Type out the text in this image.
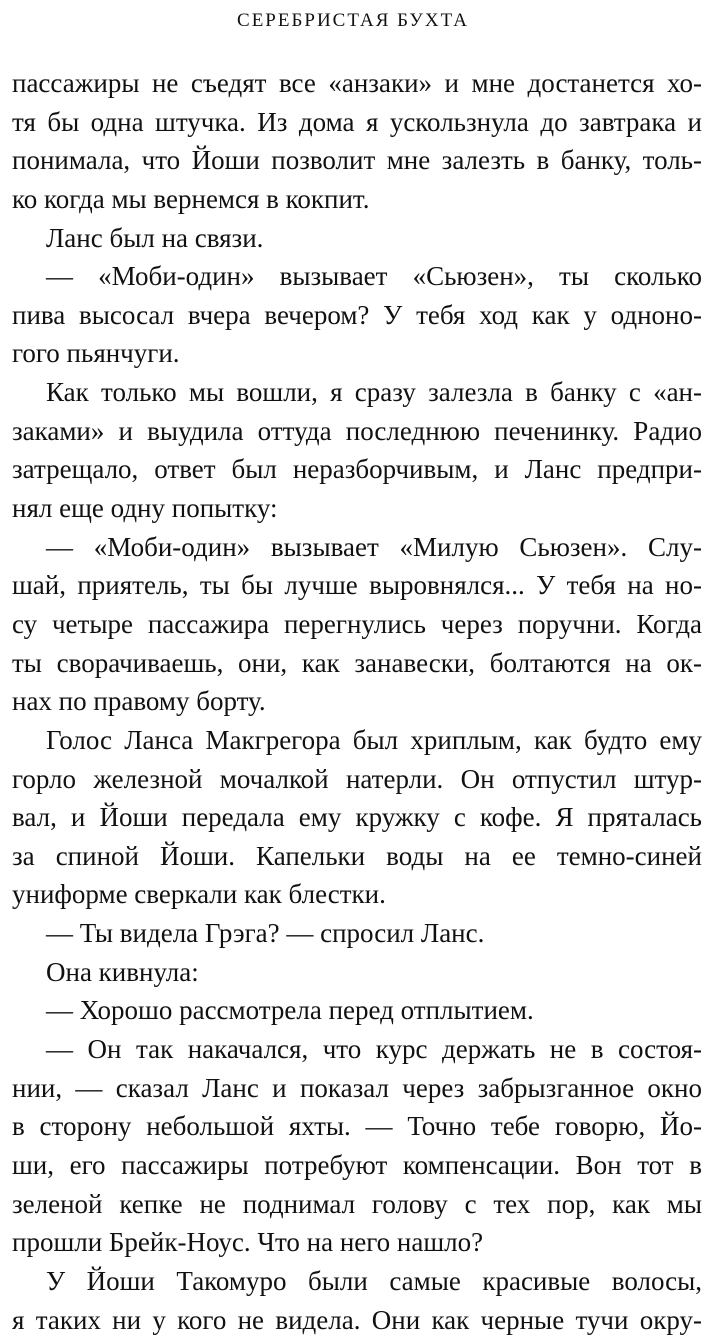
СЕРЕБРИСТАЯ БУХТА
пассажиры не съедят все «анзаки» и мне достанется хо-
тя бы одна штучка. Из дома я ускользнула до завтрака и
понимала, что Йоши позволит мне залезть в банку, толь-
ко когда мы вернемся в кокпит.
Ланс был на связи.
— «Моби-один» вызывает «Сьюзен», ты сколько
пива высосал вчера вечером? У тебя ход как у одноно-
гого пьянчуги.
Как только мы вошли, я сразу залезла в банку с «ан-
заками» и выудила оттуда последнюю печенинку. Радио
затрещало, ответ был неразборчивым, и Ланс предпри-
нял еще одну попытку:
— «Моби-один» вызывает «Милую Сьюзен». Слу-
шай, приятель, ты бы лучше выровнялся... У тебя на но-
су четыре пассажира перегнулись через поручни. Когда
ты сворачиваешь, они, как занавески, болтаются на ок-
нах по правому борту.
Голос Ланса Макгрегора был хриплым, как будто ему
горло железной мочалкой натерли. Он отпустил штур-
вал, и Йоши передала ему кружку с кофе. Я пряталась
за спиной Йоши. Капельки воды на ее темно-синей
униформе сверкали как блестки.
— Ты видела Грэга? — спросил Ланс.
Она кивнула:
— Хорошо рассмотрела перед отплытием.
— Он так накачался, что курс держать не в состоя-
нии, — сказал Ланс и показал через забрызганное окно
в сторону небольшой яхты. — Точно тебе говорю, Йо-
ши, его пассажиры потребуют компенсации. Вон тот в
зеленой кепке не поднимал голову с тех пор, как мы
прошли Брейк-Ноус. Что на него нашло?
У Йоши Такомуро были самые красивые волосы,
я таких ни у кого не видела. Они как черные тучи окру-
